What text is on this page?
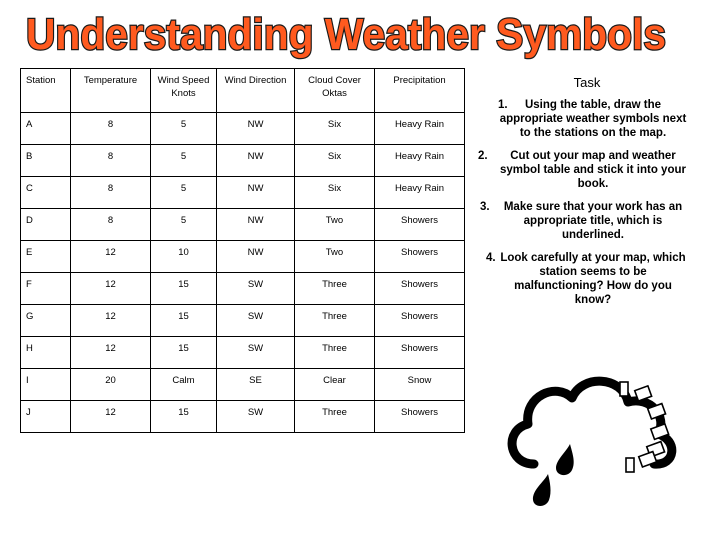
Understanding Weather Symbols
Station	Temperature	Wind Speed Knots	Wind Direction	Cloud Cover Oktas	Precipitation
A	8	5	NW	Six	Heavy Rain
B	8	5	NW	Six	Heavy Rain
C	8	5	NW	Six	Heavy Rain
D	8	5	NW	Two	Showers
E	12	10	NW	Two	Showers
F	12	15	SW	Three	Showers
G	12	15	SW	Three	Showers
H	12	15	SW	Three	Showers
I	20	Calm	SE	Clear	Snow
J	12	15	SW	Three	Showers
Task
1.	Using the table, draw the appropriate weather symbols next to the stations on the map.
2.	Cut out your map and weather symbol table and stick it into your book.
3.	Make sure that your work has an appropriate title, which is underlined.
4. Look carefully at your map, which station seems to be malfunctioning? How do you know?
